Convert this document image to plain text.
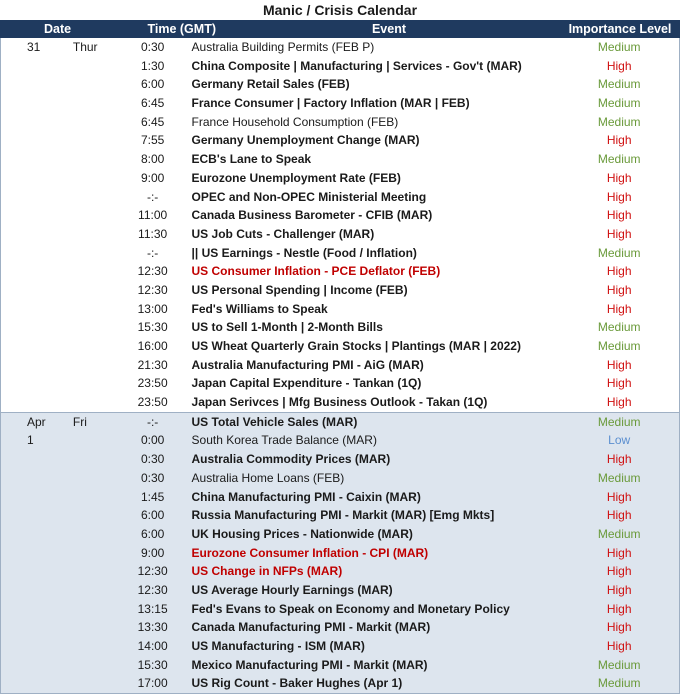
Manic / Crisis Calendar
Date	Time (GMT)	Event	Importance Level
31	Thur	0:30	Australia Building Permits (FEB P)	Medium
1:30	China Composite | Manufacturing | Services - Gov't (MAR)	High
6:00	Germany Retail Sales (FEB)	Medium
6:45	France Consumer | Factory Inflation (MAR | FEB)	Medium
6:45	France Household Consumption (FEB)	Medium
7:55	Germany Unemployment Change (MAR)	High
8:00	ECB's Lane to Speak	Medium
9:00	Eurozone Unemployment Rate (FEB)	High
-:-	OPEC and Non-OPEC Ministerial Meeting	High
11:00	Canada Business Barometer - CFIB (MAR)	High
11:30	US Job Cuts - Challenger (MAR)	High
-:-	|| US Earnings - Nestle (Food / Inflation)	Medium
12:30	US Consumer Inflation - PCE Deflator (FEB)	High
12:30	US Personal Spending | Income (FEB)	High
13:00	Fed's Williams to Speak	High
15:30	US to Sell 1-Month | 2-Month Bills	Medium
16:00	US Wheat Quarterly Grain Stocks | Plantings (MAR | 2022)	Medium
21:30	Australia Manufacturing PMI - AiG (MAR)	High
23:50	Japan Capital Expenditure - Tankan (1Q)	High
23:50	Japan Serivces | Mfg Business Outlook - Takan (1Q)	High
Apr	Fri	-:-	US Total Vehicle Sales (MAR)	Medium
1	0:00	South Korea Trade Balance (MAR)	Low
0:30	Australia Commodity Prices (MAR)	High
0:30	Australia Home Loans (FEB)	Medium
1:45	China Manufacturing PMI - Caixin (MAR)	High
6:00	Russia Manufacturing PMI - Markit (MAR) [Emg Mkts]	High
6:00	UK Housing Prices - Nationwide (MAR)	Medium
9:00	Eurozone Consumer Inflation - CPI (MAR)	High
12:30	US Change in NFPs (MAR)	High
12:30	US Average Hourly Earnings (MAR)	High
13:15	Fed's Evans to Speak on Economy and Monetary Policy	High
13:30	Canada Manufacturing PMI - Markit (MAR)	High
14:00	US Manufacturing - ISM (MAR)	High
15:30	Mexico Manufacturing PMI - Markit (MAR)	Medium
17:00	US Rig Count - Baker Hughes (Apr 1)	Medium
